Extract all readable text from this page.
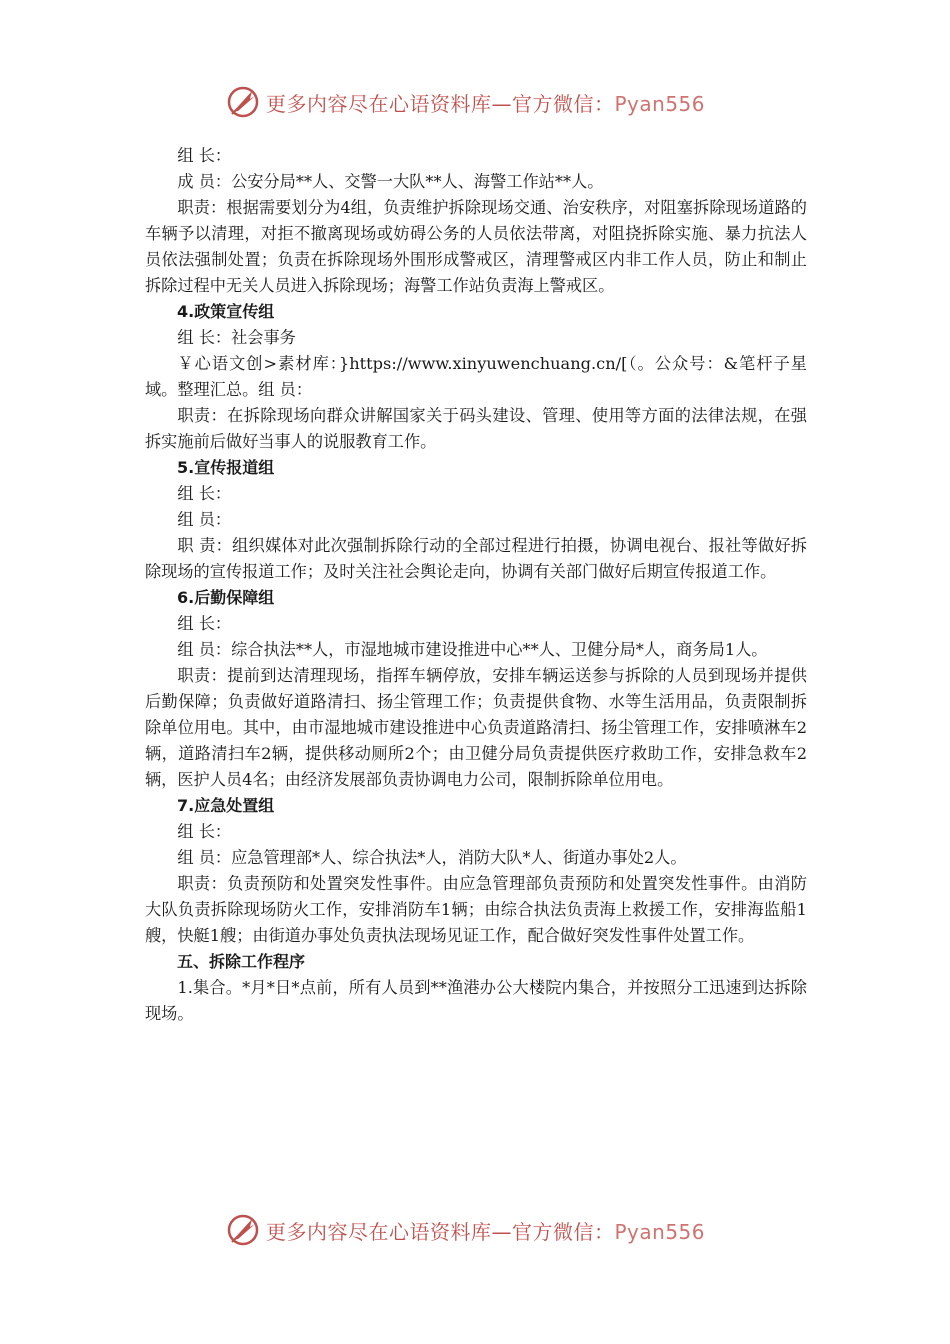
更多内容尽在心语资料库—官方微信：Pyan556

组 长：

成 员：公安分局**人、交警一大队**人、海警工作站**人。

职责：根据需要划分为4组，负责维护拆除现场交通、治安秩序，对阻塞拆除现场道路的车辆予以清理，对拒不撤离现场或妨碍公务的人员依法带离，对阻挠拆除实施、暴力抗法人员依法强制处置；负责在拆除现场外围形成警戒区，清理警戒区内非工作人员，防止和制止拆除过程中无关人员进入拆除现场；海警工作站负责海上警戒区。

4.政策宣传组

组 长：社会事务

￥心语文创>素材库：}https://www.xinyuwenchuang.cn/[（。公众号：&笔杆子星域。整理汇总。组 员：

职责：在拆除现场向群众讲解国家关于码头建设、管理、使用等方面的法律法规，在强拆实施前后做好当事人的说服教育工作。

5.宣传报道组

组 长：

组 员：

职 责：组织媒体对此次强制拆除行动的全部过程进行拍摄，协调电视台、报社等做好拆除现场的宣传报道工作；及时关注社会舆论走向，协调有关部门做好后期宣传报道工作。

6.后勤保障组

组 长：

组 员：综合执法**人，市湿地城市建设推进中心**人、卫健分局*人，商务局1人。

职责：提前到达清理现场，指挥车辆停放，安排车辆运送参与拆除的人员到现场并提供后勤保障；负责做好道路清扫、扬尘管理工作；负责提供食物、水等生活用品，负责限制拆除单位用电。其中，由市湿地城市建设推进中心负责道路清扫、扬尘管理工作，安排喷淋车2辆，道路清扫车2辆，提供移动厕所2个；由卫健分局负责提供医疗救助工作，安排急救车2辆，医护人员4名；由经济发展部负责协调电力公司，限制拆除单位用电。

7.应急处置组

组 长：

组 员：应急管理部*人、综合执法*人，消防大队*人、街道办事处2人。

职责：负责预防和处置突发性事件。由应急管理部负责预防和处置突发性事件。由消防大队负责拆除现场防火工作，安排消防车1辆；由综合执法负责海上救援工作，安排海监船1艘，快艇1艘；由街道办事处负责执法现场见证工作，配合做好突发性事件处置工作。

五、拆除工作程序

1.集合。*月*日*点前，所有人员到**渔港办公大楼院内集合，并按照分工迅速到达拆除现场。

更多内容尽在心语资料库—官方微信：Pyan556
